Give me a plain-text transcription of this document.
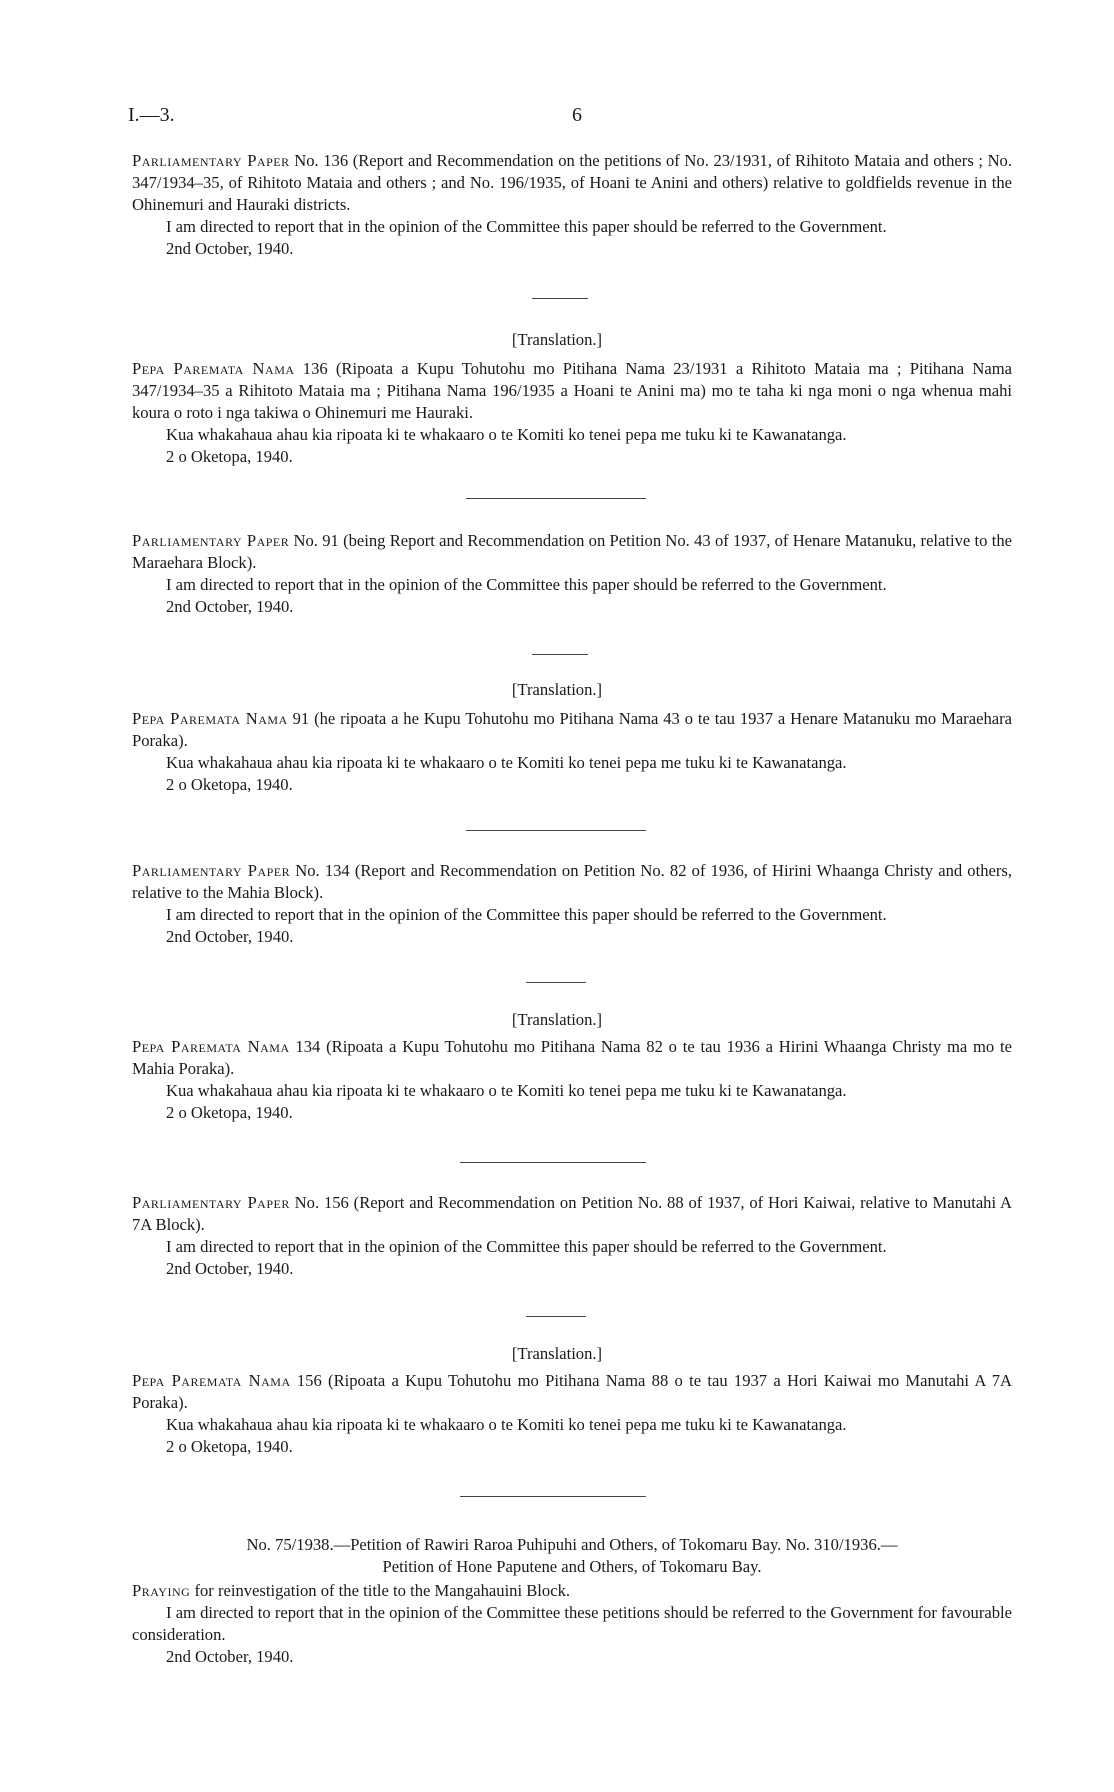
I.—3.	6

Parliamentary Paper No. 136 (Report and Recommendation on the petitions of No. 23/1931, of Rihitoto Mataia and others ; No. 347/1934–35, of Rihitoto Mataia and others ; and No. 196/1935, of Hoani te Anini and others) relative to goldfields revenue in the Ohinemuri and Hauraki districts.

I am directed to report that in the opinion of the Committee this paper should be referred to the Government.

2nd October, 1940.

[Translation.]

Pepa Paremata Nama 136 (Ripoata a Kupu Tohutohu mo Pitihana Nama 23/1931 a Rihitoto Mataia ma ; Pitihana Nama 347/1934–35 a Rihitoto Mataia ma ; Pitihana Nama 196/1935 a Hoani te Anini ma) mo te taha ki nga moni o nga whenua mahi koura o roto i nga takiwa o Ohinemuri me Hauraki.

Kua whakahaua ahau kia ripoata ki te whakaaro o te Komiti ko tenei pepa me tuku ki te Kawanatanga.

2 o Oketopa, 1940.

Parliamentary Paper No. 91 (being Report and Recommendation on Petition No. 43 of 1937, of Henare Matanuku, relative to the Maraehara Block).

I am directed to report that in the opinion of the Committee this paper should be referred to the Government.

2nd October, 1940.

[Translation.]

Pepa Paremata Nama 91 (he ripoata a he Kupu Tohutohu mo Pitihana Nama 43 o te tau 1937 a Henare Matanuku mo Maraehara Poraka).

Kua whakahaua ahau kia ripoata ki te whakaaro o te Komiti ko tenei pepa me tuku ki te Kawanatanga.

2 o Oketopa, 1940.

Parliamentary Paper No. 134 (Report and Recommendation on Petition No. 82 of 1936, of Hirini Whaanga Christy and others, relative to the Mahia Block).

I am directed to report that in the opinion of the Committee this paper should be referred to the Government.

2nd October, 1940.

[Translation.]

Pepa Paremata Nama 134 (Ripoata a Kupu Tohutohu mo Pitihana Nama 82 o te tau 1936 a Hirini Whaanga Christy ma mo te Mahia Poraka).

Kua whakahaua ahau kia ripoata ki te whakaaro o te Komiti ko tenei pepa me tuku ki te Kawanatanga.

2 o Oketopa, 1940.

Parliamentary Paper No. 156 (Report and Recommendation on Petition No. 88 of 1937, of Hori Kaiwai, relative to Manutahi A 7A Block).

I am directed to report that in the opinion of the Committee this paper should be referred to the Government.

2nd October, 1940.

[Translation.]

Pepa Paremata Nama 156 (Ripoata a Kupu Tohutohu mo Pitihana Nama 88 o te tau 1937 a Hori Kaiwai mo Manutahi A 7A Poraka).

Kua whakahaua ahau kia ripoata ki te whakaaro o te Komiti ko tenei pepa me tuku ki te Kawanatanga.

2 o Oketopa, 1940.

No. 75/1938.—Petition of Rawiri Raroa Puhipuhi and Others, of Tokomaru Bay. No. 310/1936.—
Petition of Hone Paputene and Others, of Tokomaru Bay.

Praying for reinvestigation of the title to the Mangahauini Block.

I am directed to report that in the opinion of the Committee these petitions should be referred to the Government for favourable consideration.

2nd October, 1940.
